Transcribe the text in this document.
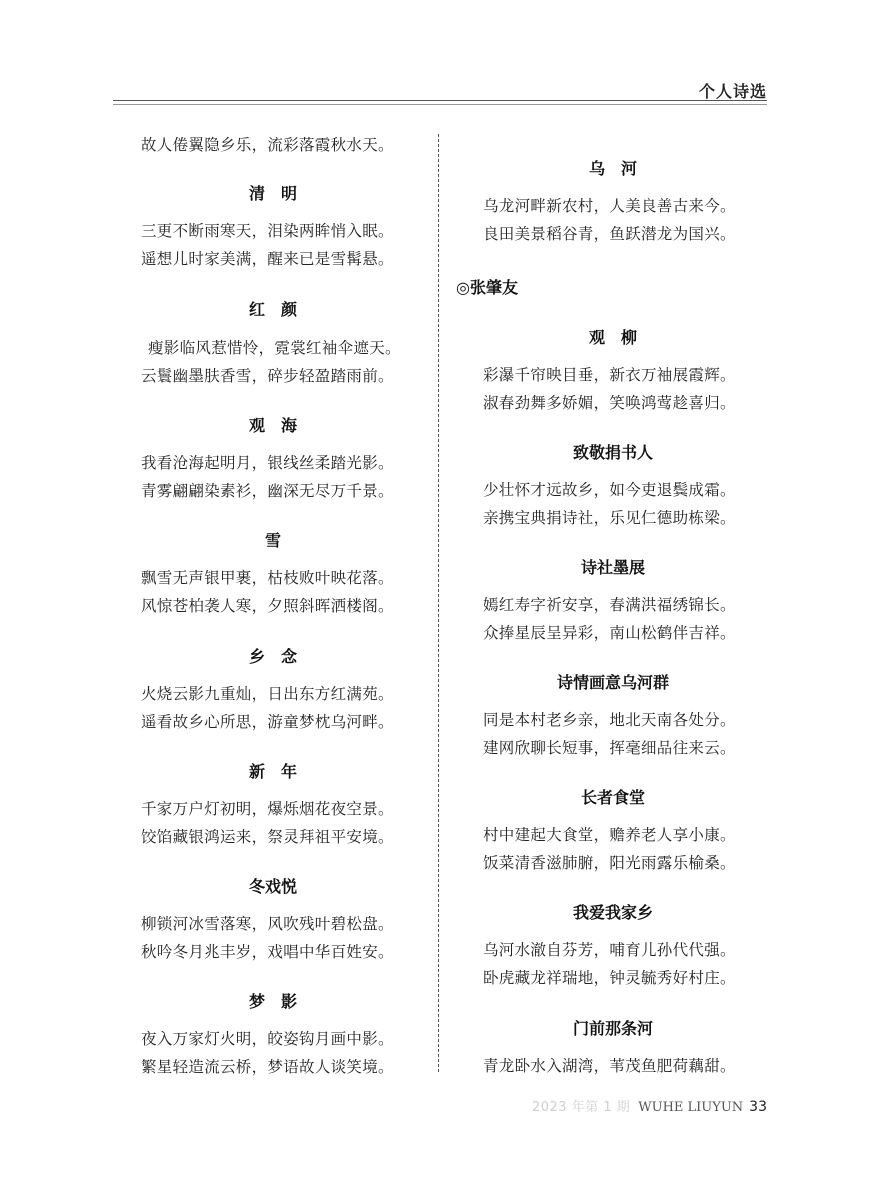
个人诗选
故人倦翼隐乡乐，流彩落霞秋水天。
清　明
三更不断雨寒天，泪染两眸悄入眠。
遥想儿时家美满，醒来已是雪髯悬。
红　颜
瘦影临风惹惜怜，霓裳红袖伞遮天。
云鬟幽墨肤香雪，碎步轻盈踏雨前。
观　海
我看沧海起明月，银线丝柔踏光影。
青雾翩翩染素衫，幽深无尽万千景。
雪
飘雪无声银甲裹，枯枝败叶映花落。
风惊苍柏袭人寒，夕照斜晖洒楼阁。
乡　念
火烧云影九重灿，日出东方红满苑。
遥看故乡心所思，游童梦枕乌河畔。
新　年
千家万户灯初明，爆烁烟花夜空景。
饺馅藏银鸿运来，祭灵拜祖平安境。
冬戏悦
柳锁河冰雪落寒，风吹残叶碧松盘。
秋吟冬月兆丰岁，戏唱中华百姓安。
梦　影
夜入万家灯火明，皎姿钩月画中影。
繁星轻造流云桥，梦语故人谈笑境。
乌　河
乌龙河畔新农村，人美良善古来今。
良田美景稻谷青，鱼跃潜龙为国兴。
◎张肇友
观　柳
彩瀑千帘映目垂，新衣万袖展霞辉。
淑春劲舞多娇媚，笑唤鸿莺趁喜归。
致敬捐书人
少壮怀才远故乡，如今吏退鬓成霜。
亲携宝典捐诗社，乐见仁德助栋梁。
诗社墨展
嫣红寿字祈安享，春满洪福绣锦长。
众捧星辰呈异彩，南山松鹤伴吉祥。
诗情画意乌河群
同是本村老乡亲，地北天南各处分。
建网欣聊长短事，挥毫细品往来云。
长者食堂
村中建起大食堂，赡养老人享小康。
饭菜清香滋肺腑，阳光雨露乐榆桑。
我爱我家乡
乌河水澈自芬芳，哺育儿孙代代强。
卧虎藏龙祥瑞地，钟灵毓秀好村庄。
门前那条河
青龙卧水入湖湾，苇茂鱼肥荷藕甜。
2023 年第 1 期 WUHE LIUYUN 33
